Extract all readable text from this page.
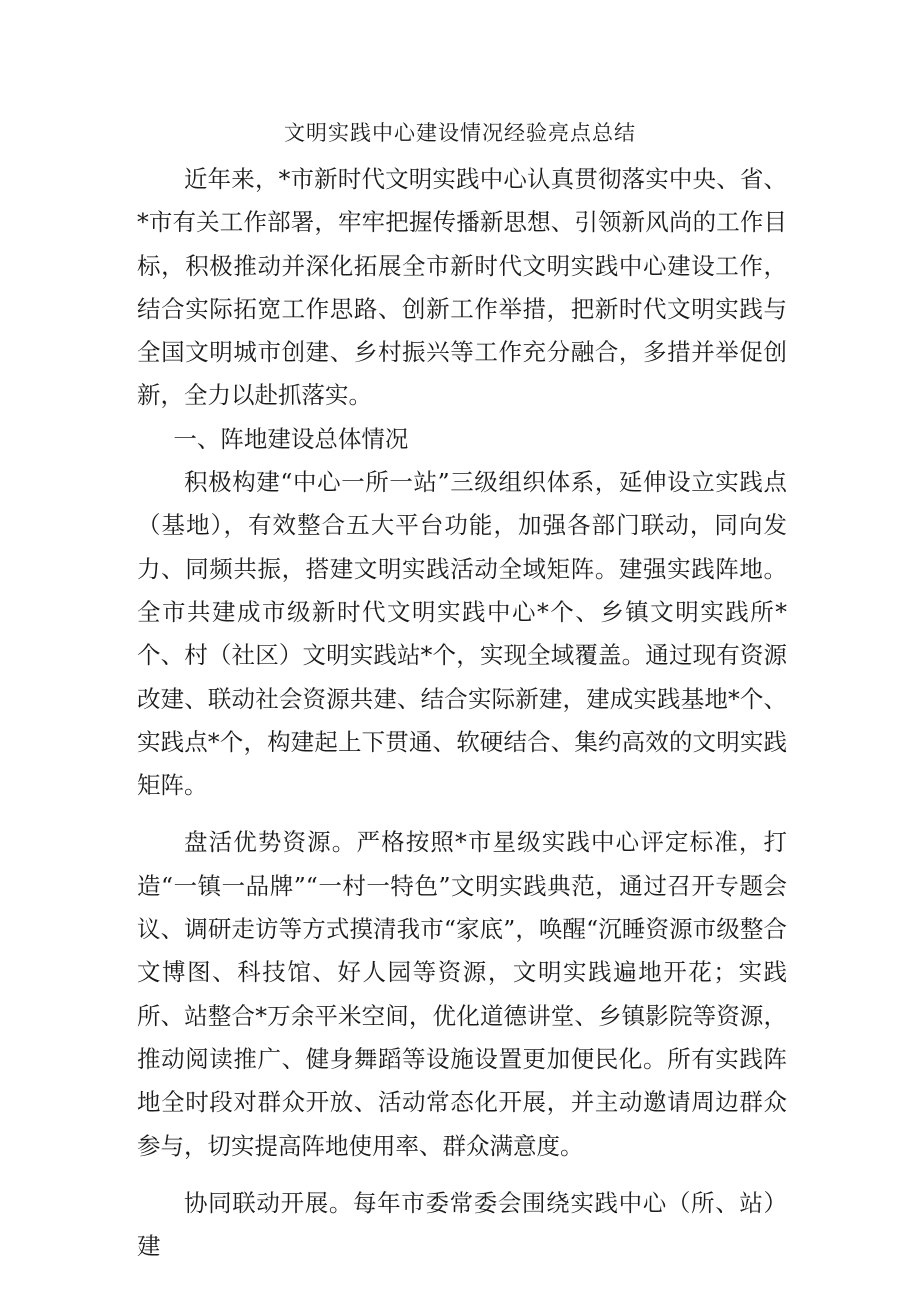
文明实践中心建设情况经验亮点总结

近年来，*市新时代文明实践中心认真贯彻落实中央、省、*市有关工作部署，牢牢把握传播新思想、引领新风尚的工作目标，积极推动并深化拓展全市新时代文明实践中心建设工作，结合实际拓宽工作思路、创新工作举措，把新时代文明实践与全国文明城市创建、乡村振兴等工作充分融合，多措并举促创新，全力以赴抓落实。

一、阵地建设总体情况

积极构建“中心一所一站”三级组织体系，延伸设立实践点（基地），有效整合五大平台功能，加强各部门联动，同向发力、同频共振，搭建文明实践活动全域矩阵。建强实践阵地。全市共建成市级新时代文明实践中心*个、乡镇文明实践所*个、村（社区）文明实践站*个，实现全域覆盖。通过现有资源改建、联动社会资源共建、结合实际新建，建成实践基地*个、实践点*个，构建起上下贯通、软硬结合、集约高效的文明实践矩阵。

盘活优势资源。严格按照*市星级实践中心评定标准，打造“一镇一品牌”“一村一特色”文明实践典范，通过召开专题会议、调研走访等方式摸清我市“家底”，唤醒“沉睡资源市级整合文博图、科技馆、好人园等资源，文明实践遍地开花；实践所、站整合*万余平米空间，优化道德讲堂、乡镇影院等资源，推动阅读推广、健身舞蹈等设施设置更加便民化。所有实践阵地全时段对群众开放、活动常态化开展，并主动邀请周边群众参与，切实提高阵地使用率、群众满意度。

协同联动开展。每年市委常委会围绕实践中心（所、站）建
